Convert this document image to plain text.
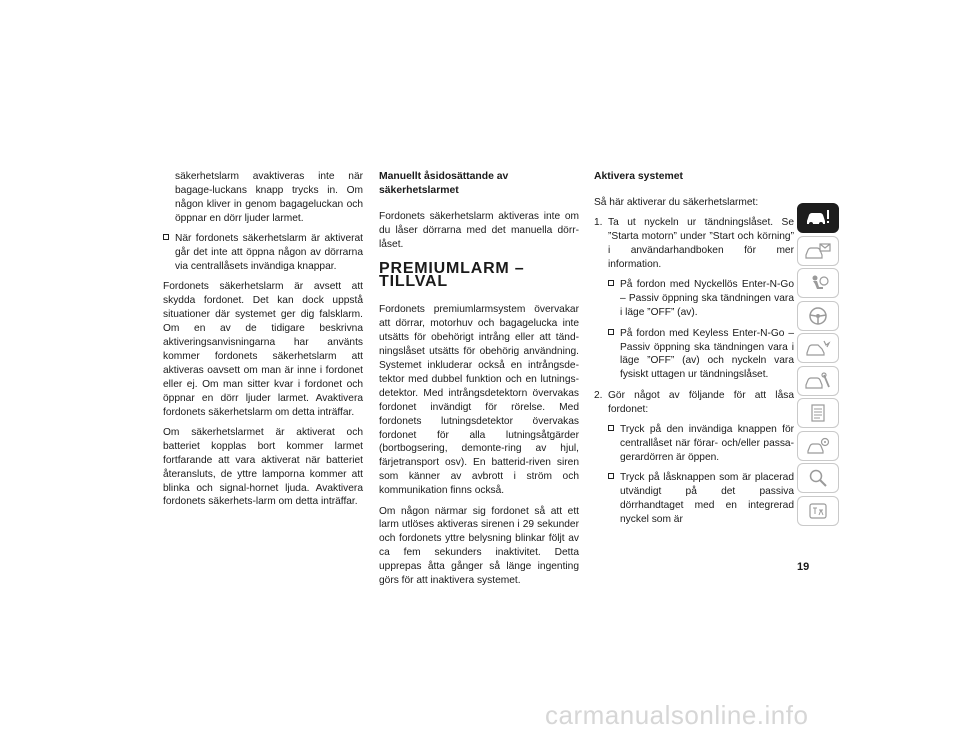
säkerhetslarm avaktiveras inte när bagage-luckans knapp trycks in. Om någon kliver in genom bagageluckan och öppnar en dörr ljuder larmet.

När fordonets säkerhetslarm är aktiverat går det inte att öppna någon av dörrarna via centrallåsets invändiga knappar.

Fordonets säkerhetslarm är avsett att skydda fordonet. Det kan dock uppstå situationer där systemet ger dig falsklarm. Om en av de tidigare beskrivna aktiveringsanvisningarna har använts kommer fordonets säkerhetslarm att aktiveras oavsett om man är inne i fordonet eller ej. Om man sitter kvar i fordonet och öppnar en dörr ljuder larmet. Avaktivera fordonets säkerhetslarm om detta inträffar.

Om säkerhetslarmet är aktiverat och batteriet kopplas bort kommer larmet fortfarande att vara aktiverat när batteriet återansluts, de yttre lamporna kommer att blinka och signal-hornet ljuda. Avaktivera fordonets säkerhets-larm om detta inträffar.

Manuellt åsidosättande av säkerhetslarmet

Fordonets säkerhetslarm aktiveras inte om du låser dörrarna med det manuella dörr-låset.

PREMIUMLARM – TILLVAL

Fordonets premiumlarmsystem övervakar att dörrar, motorhuv och bagagelucka inte utsätts för obehörigt intrång eller att tänd-ningslåset utsätts för obehörig användning. Systemet inkluderar också en intrångsde-tektor med dubbel funktion och en lutnings-detektor. Med intrångsdetektorn övervakas fordonet invändigt för rörelse. Med fordonets lutningsdetektor övervakas fordonet för alla lutningsåtgärder (bortbogsering, demonte-ring av hjul, färjetransport osv). En batterid-riven siren som känner av avbrott i ström och kommunikation finns också.

Om någon närmar sig fordonet så att ett larm utlöses aktiveras sirenen i 29 sekunder och fordonets yttre belysning blinkar följt av ca fem sekunders inaktivitet. Detta upprepas åtta gånger så länge ingenting görs för att inaktivera systemet.

Aktivera systemet

Så här aktiverar du säkerhetslarmet:

1. Ta ut nyckeln ur tändningslåset. Se ”Starta motorn” under ”Start och körning” i användarhandboken för mer information.
På fordon med Nyckellös Enter-N-Go – Passiv öppning ska tändningen vara i läge ”OFF” (av).
På fordon med Keyless Enter-N-Go – Passiv öppning ska tändningen vara i läge ”OFF” (av) och nyckeln vara fysiskt uttagen ur tändningslåset.
2. Gör något av följande för att låsa fordonet:
Tryck på den invändiga knappen för centrallåset när förar- och/eller passa-gerardörren är öppen.
Tryck på låsknappen som är placerad utvändigt på det passiva dörrhandtaget med en integrerad nyckel som är
19
carmanualsonline.info
